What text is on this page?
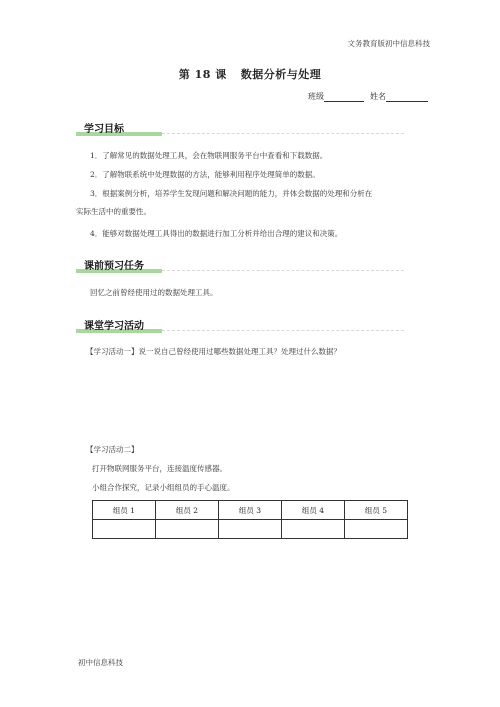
文务教育版初中信息科技
第 18 课 数据分析与处理
班级	姓名
学习目标
1．了解常见的数据处理工具，会在物联网服务平台中查看和下载数据。
2．了解物联系统中处理数据的方法，能够利用程序处理简单的数据。
3．根据案例分析，培养学生发现问题和解决问题的能力，并体会数据的处理和分析在
实际生活中的重要性。
4．能够对数据处理工具得出的数据进行加工分析并给出合理的建议和决策。
课前预习任务
回忆之前曾经使用过的数据处理工具。
课堂学习活动
【学习活动一】说一说自己曾经使用过哪些数据处理工具？处理过什么数据？
【学习活动二】
打开物联网服务平台，连接温度传感器。
小组合作探究，记录小组组员的手心温度。
组员 1	组员 2	组员 3	组员 4	组员 5

初中信息科技
